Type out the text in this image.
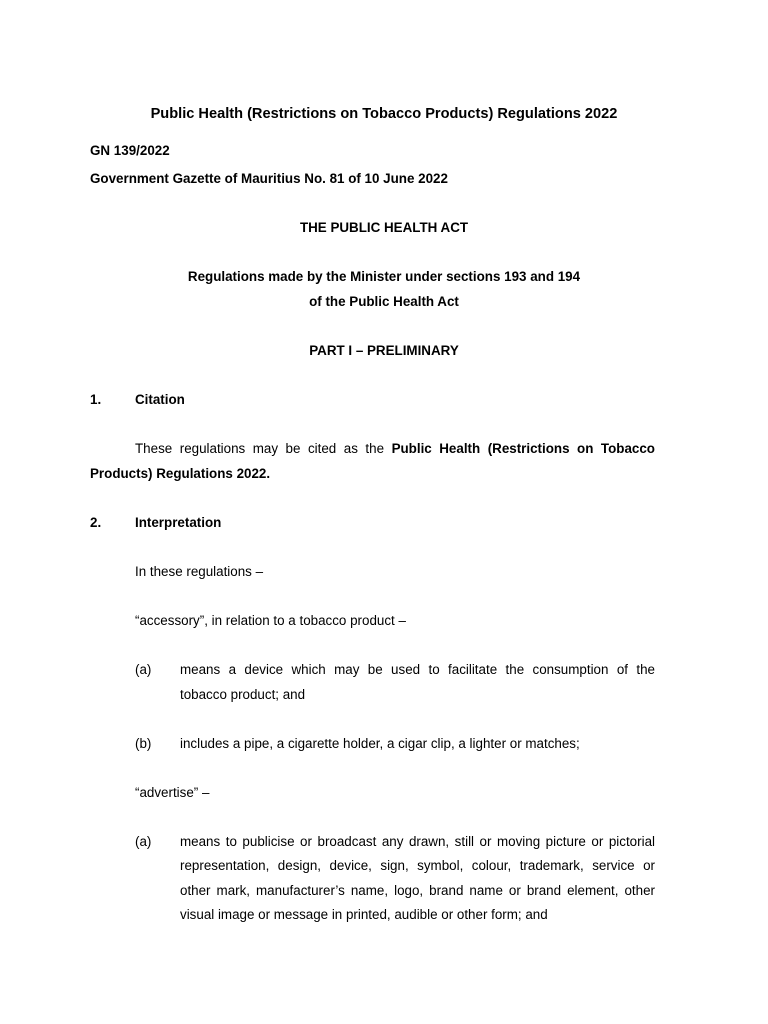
Public Health (Restrictions on Tobacco Products) Regulations 2022
GN 139/2022
Government Gazette of Mauritius No. 81 of 10 June 2022
THE PUBLIC HEALTH ACT
Regulations made by the Minister under sections 193 and 194
of the Public Health Act
PART I – PRELIMINARY
1.	Citation
These regulations may be cited as the Public Health (Restrictions on Tobacco
Products) Regulations 2022.
2.	Interpretation
In these regulations –
“accessory”, in relation to a tobacco product –
(a) means a device which may be used to facilitate the consumption of the
tobacco product; and
(b) includes a pipe, a cigarette holder, a cigar clip, a lighter or matches;
“advertise” –
(a) means to publicise or broadcast any drawn, still or moving picture or pictorial
representation, design, device, sign, symbol, colour, trademark, service or
other mark, manufacturer’s name, logo, brand name or brand element, other
visual image or message in printed, audible or other form; and
